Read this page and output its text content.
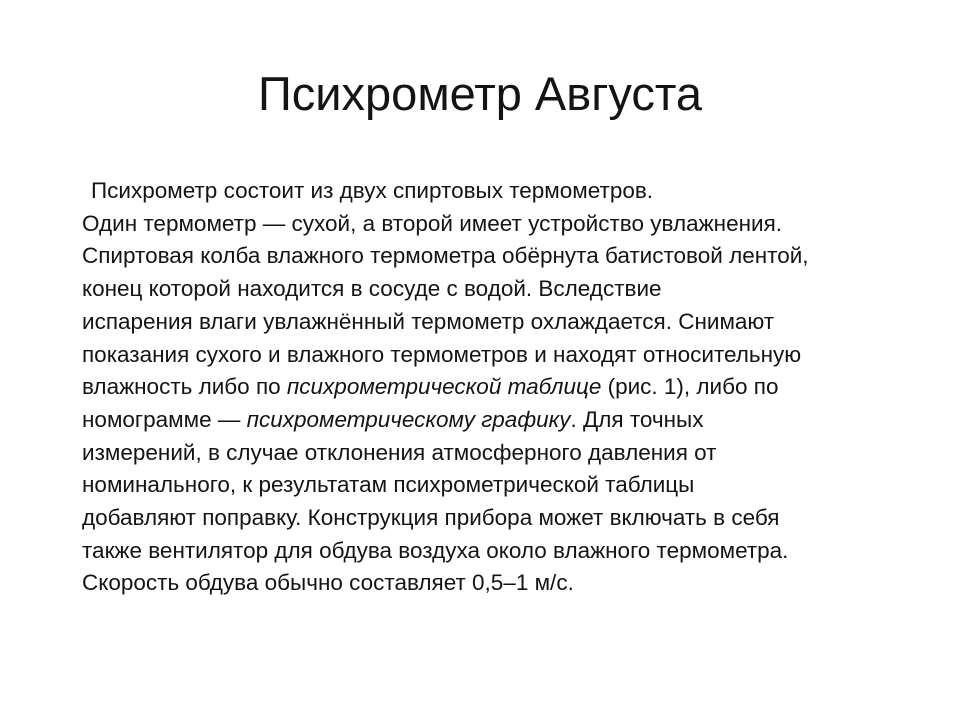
Психрометр Августа
Психрометр состоит из двух спиртовых термометров.
Один термометр — сухой, а второй имеет устройство увлажнения.
Спиртовая колба влажного термометра обёрнута батистовой лентой,
конец которой находится в сосуде с водой. Вследствие
испарения влаги увлажнённый термометр охлаждается. Снимают
показания сухого и влажного термометров и находят относительную
влажность либо по психрометрической таблице (рис. 1), либо по
номограмме — психрометрическому графику. Для точных
измерений, в случае отклонения атмосферного давления от
номинального, к результатам психрометрической таблицы
добавляют поправку. Конструкция прибора может включать в себя
также вентилятор для обдува воздуха около влажного термометра.
Скорость обдува обычно составляет 0,5–1 м/с.
